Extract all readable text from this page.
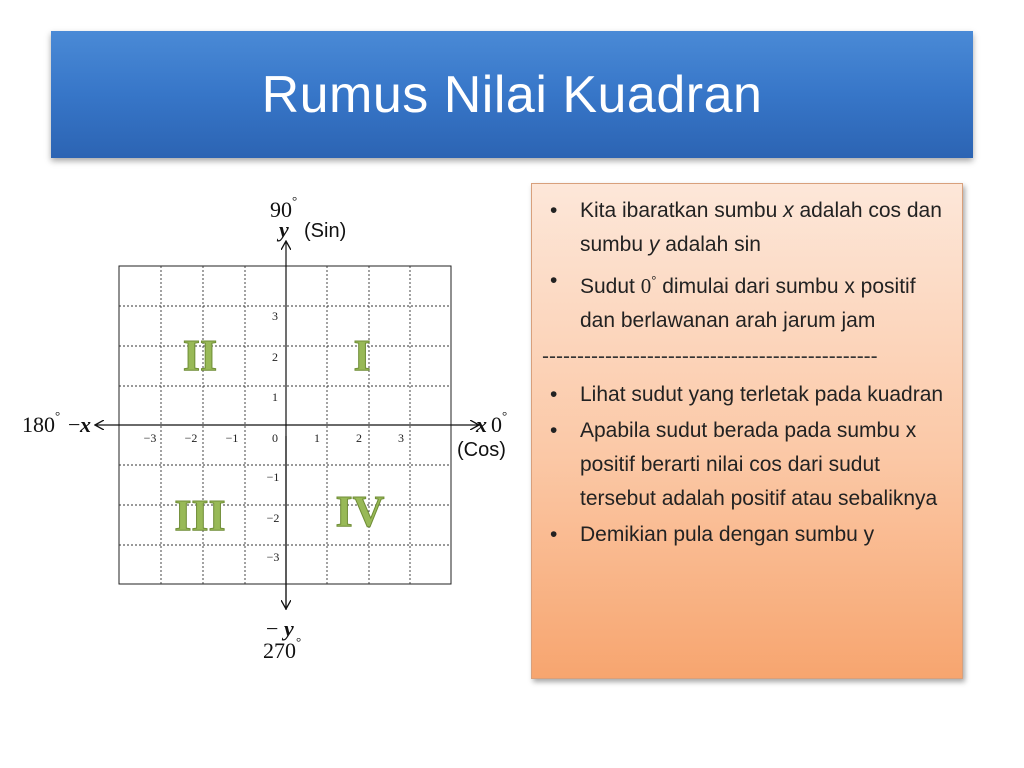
Rumus Nilai Kuadran
−3 −2 −1	0	1	2	3
3
2
1
−1
−2
−3
II	I
III IV
90°
y (Sin)
180° − x	x 0°
(Cos)
− y
270°
• Kita ibaratkan sumbu x adalah cos dan sumbu y adalah sin
• Sudut 0° dimulai dari sumbu x positif dan berlawanan arah jarum jam
------------------------------------------------
• Lihat sudut yang terletak pada kuadran
• Apabila sudut berada pada sumbu x positif berarti nilai cos dari sudut tersebut adalah positif atau sebaliknya
• Demikian pula dengan sumbu y
